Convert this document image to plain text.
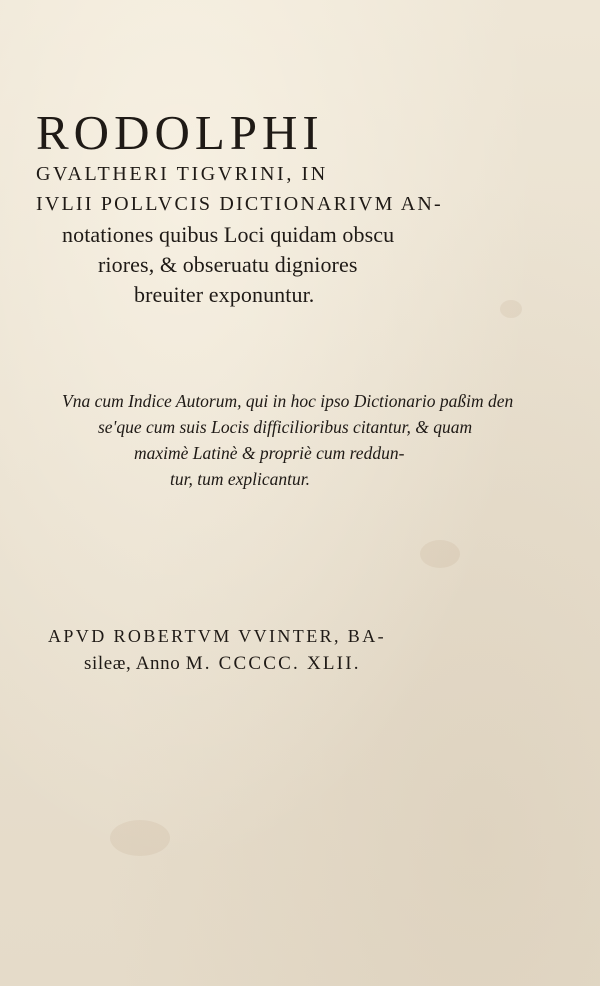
RODOLPHI
GVALTHERI TIGVRINI, IN
IVLII POLLVCIS DICTIONARIVM AN-
notationes quibus Loci quidam obscu
riores, & obseruatu digniores
breuiter exponuntur.
Vna cum Indice Autorum, qui in hoc ipso Dictionario paßim den
se'que cum suis Locis difficilioribus citantur, & quam
maximè Latinè & propriè cum reddun-
tur, tum explicantur.
APVD ROBERTVM VVINTER, BA-
sileæ, Anno M. CCCCC. XLII.
